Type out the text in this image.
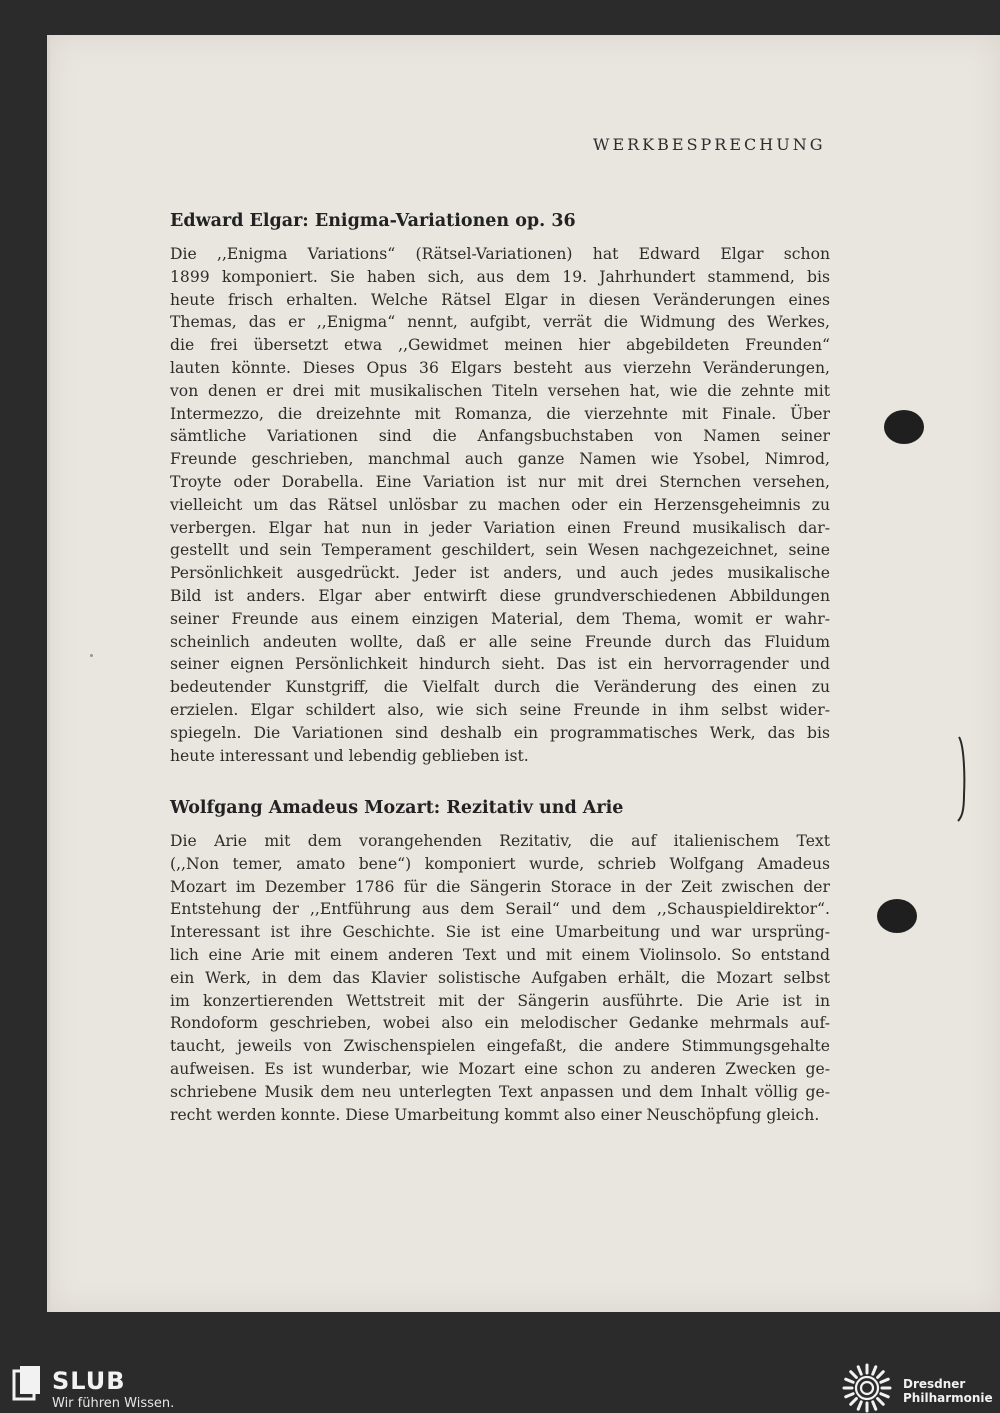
WERKBESPRECHUNG
Edward Elgar: Enigma-Variationen op. 36
Die ,,Enigma Variations“ (Rätsel-Variationen) hat Edward Elgar schon
1899 komponiert. Sie haben sich, aus dem 19. Jahrhundert stammend, bis
heute frisch erhalten. Welche Rätsel Elgar in diesen Veränderungen eines
Themas, das er ,,Enigma“ nennt, aufgibt, verrät die Widmung des Werkes,
die frei übersetzt etwa ,,Gewidmet meinen hier abgebildeten Freunden“
lauten könnte. Dieses Opus 36 Elgars besteht aus vierzehn Veränderungen,
von denen er drei mit musikalischen Titeln versehen hat, wie die zehnte mit
Intermezzo, die dreizehnte mit Romanza, die vierzehnte mit Finale. Über
sämtliche Variationen sind die Anfangsbuchstaben von Namen seiner
Freunde geschrieben, manchmal auch ganze Namen wie Ysobel, Nimrod,
Troyte oder Dorabella. Eine Variation ist nur mit drei Sternchen versehen,
vielleicht um das Rätsel unlösbar zu machen oder ein Herzensgeheimnis zu
verbergen. Elgar hat nun in jeder Variation einen Freund musikalisch dar-
gestellt und sein Temperament geschildert, sein Wesen nachgezeichnet, seine
Persönlichkeit ausgedrückt. Jeder ist anders, und auch jedes musikalische
Bild ist anders. Elgar aber entwirft diese grundverschiedenen Abbildungen
seiner Freunde aus einem einzigen Material, dem Thema, womit er wahr-
scheinlich andeuten wollte, daß er alle seine Freunde durch das Fluidum
seiner eignen Persönlichkeit hindurch sieht. Das ist ein hervorragender und
bedeutender Kunstgriff, die Vielfalt durch die Veränderung des einen zu
erzielen. Elgar schildert also, wie sich seine Freunde in ihm selbst wider-
spiegeln. Die Variationen sind deshalb ein programmatisches Werk, das bis
heute interessant und lebendig geblieben ist.
Wolfgang Amadeus Mozart: Rezitativ und Arie
Die Arie mit dem vorangehenden Rezitativ, die auf italienischem Text
(,,Non temer, amato bene“) komponiert wurde, schrieb Wolfgang Amadeus
Mozart im Dezember 1786 für die Sängerin Storace in der Zeit zwischen der
Entstehung der ,,Entführung aus dem Serail“ und dem ,,Schauspieldirektor“.
Interessant ist ihre Geschichte. Sie ist eine Umarbeitung und war ursprüng-
lich eine Arie mit einem anderen Text und mit einem Violinsolo. So entstand
ein Werk, in dem das Klavier solistische Aufgaben erhält, die Mozart selbst
im konzertierenden Wettstreit mit der Sängerin ausführte. Die Arie ist in
Rondoform geschrieben, wobei also ein melodischer Gedanke mehrmals auf-
taucht, jeweils von Zwischenspielen eingefaßt, die andere Stimmungsgehalte
aufweisen. Es ist wunderbar, wie Mozart eine schon zu anderen Zwecken ge-
schriebene Musik dem neu unterlegten Text anpassen und dem Inhalt völlig ge-
recht werden konnte. Diese Umarbeitung kommt also einer Neuschöpfung gleich.
SLUB
Wir führen Wissen.
Dresdner
Philharmonie
